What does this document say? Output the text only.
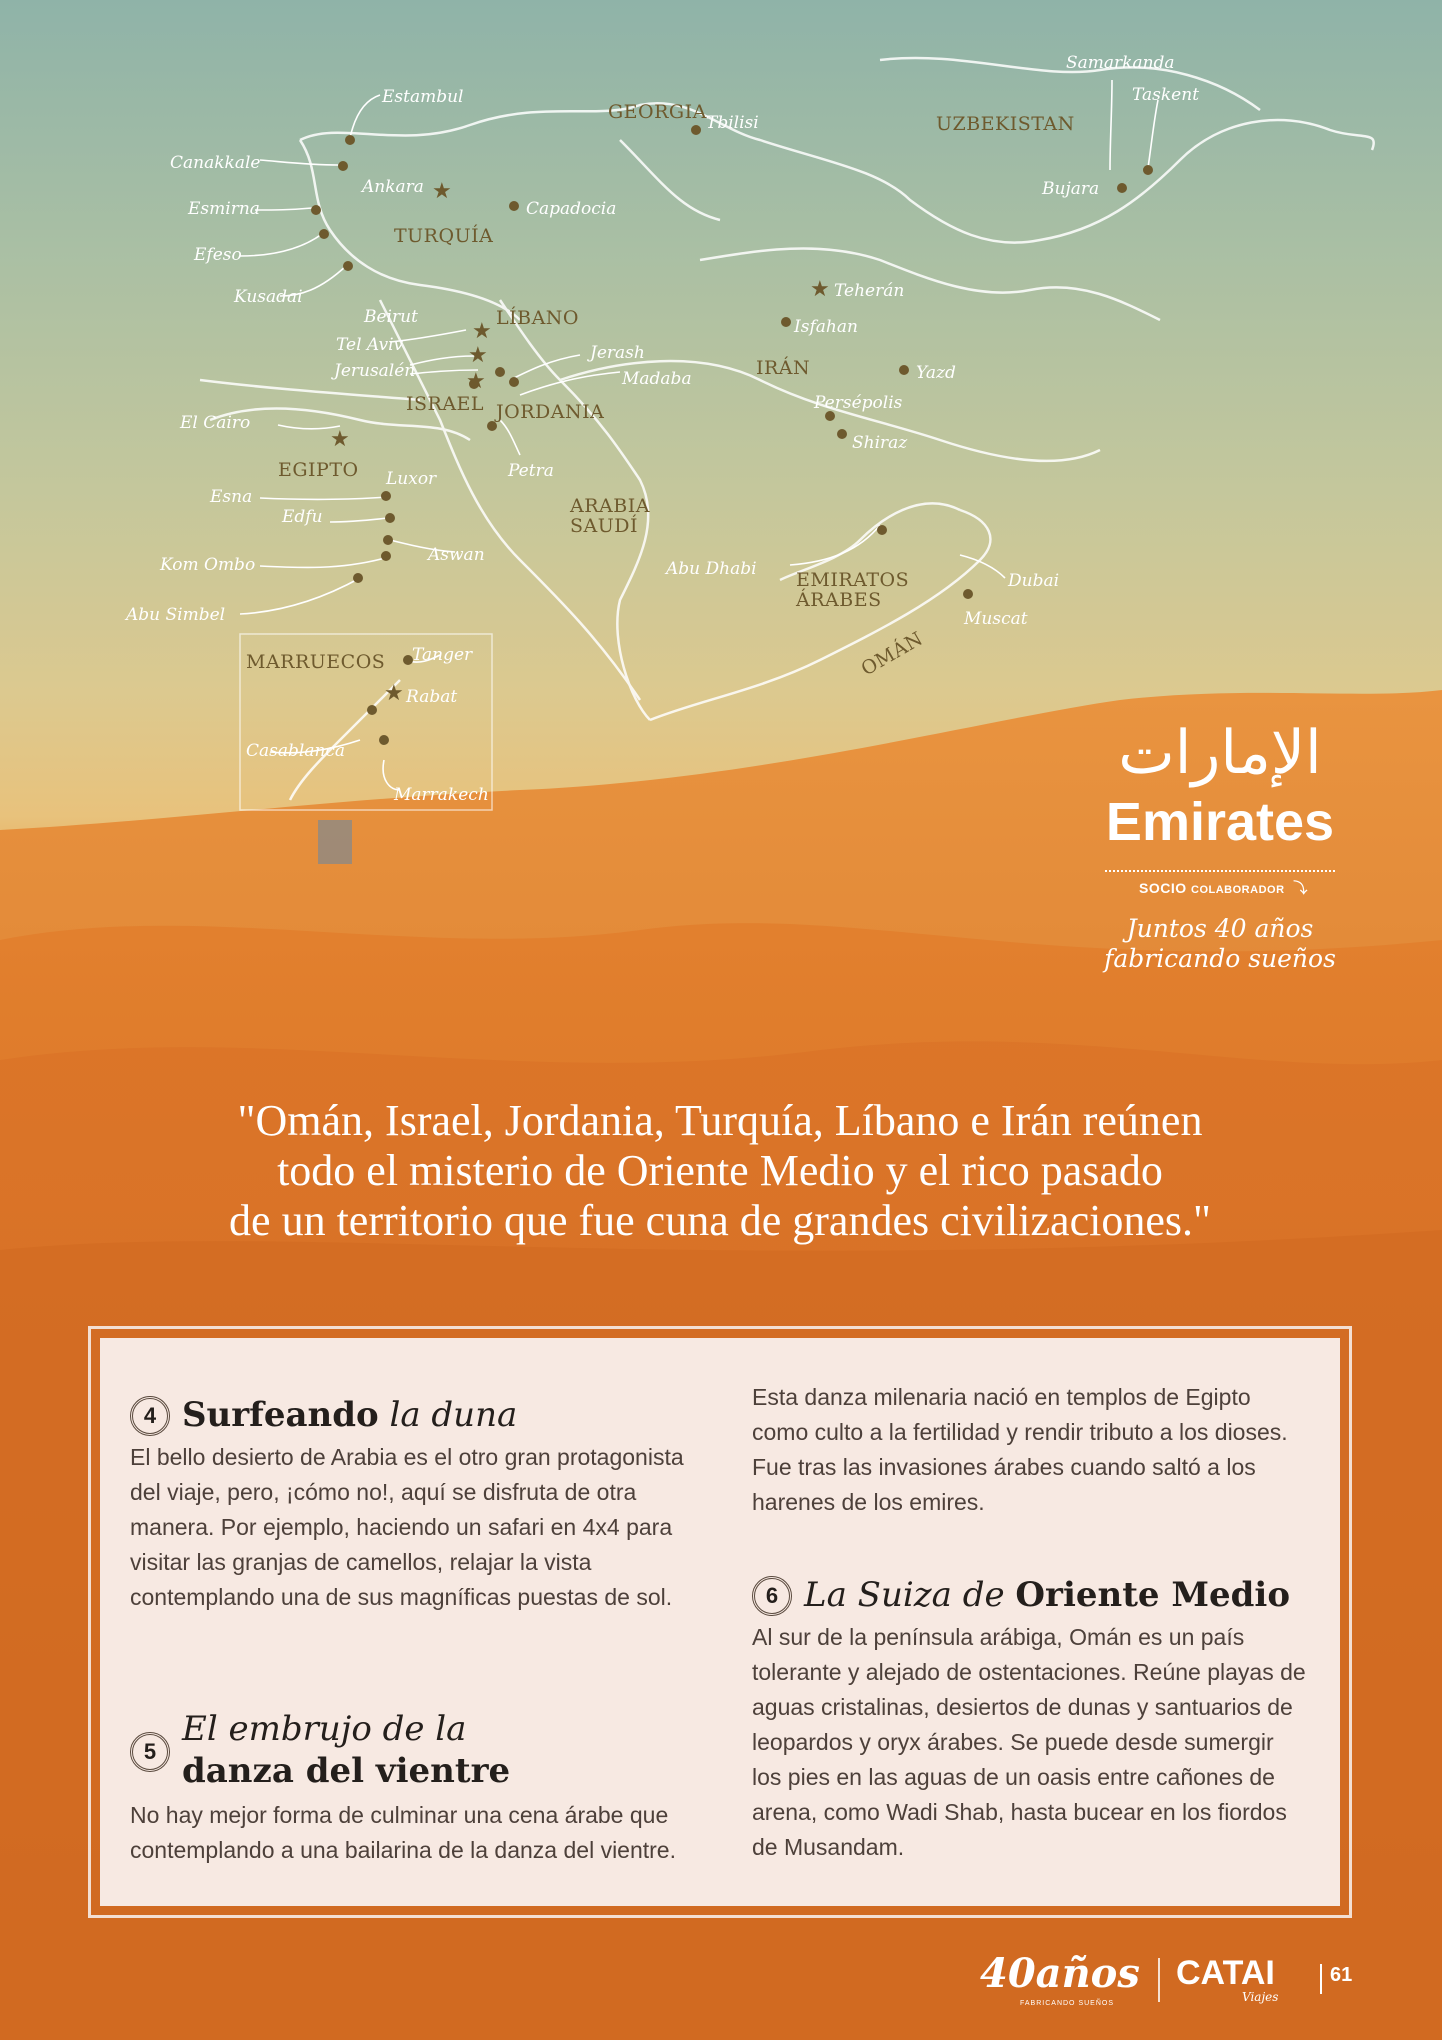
★
★
★
★
★
★
★
Estambul
Canakkale
Esmirna
Efeso
Kusadai
Ankara
Capadocia
Tbilisi
Samarkanda
Taskent
Bujara
Teherán
Isfahan
Yazd
Persépolis
Shiraz
Beirut
Tel Aviv
Jerusalén
Jerash
Madaba
Petra
El Cairo
Luxor
Esna
Edfu
Aswan
Kom Ombo
Abu Simbel
Abu Dhabi
Dubai
Muscat
Tanger
Rabat
Casablanca
Marrakech
GEORGIA
UZBEKISTAN
TURQUÍA
LÍBANO
ISRAEL JORDANIA
IRÁN
EGIPTO
ARABIA
SAUDÍ
EMIRATOS
ÁRABES
OMÁN
MARRUECOS
الإمارات
Emirates
SOCIO COLABORADOR  ⤵
Juntos 40 años
fabricando sueños
"Omán, Israel, Jordania, Turquía, Líbano e Irán reúnen
todo el misterio de Oriente Medio y el rico pasado
de un territorio que fue cuna de grandes civilizaciones."
4 Surfeando la duna
El bello desierto de Arabia es el otro gran protagonista del viaje, pero, ¡cómo no!, aquí se disfruta de otra manera. Por ejemplo, haciendo un safari en 4x4 para visitar las granjas de camellos, relajar la vista contemplando una de sus magníficas puestas de sol.
5
El embrujo de la
danza del vientre
No hay mejor forma de culminar una cena árabe que contemplando a una bailarina de la danza del vientre.
Esta danza milenaria nació en templos de Egipto como culto a la fertilidad y rendir tributo a los dioses. Fue tras las invasiones árabes cuando saltó a los harenes de los emires.
6 La Suiza de Oriente Medio
Al sur de la península arábiga, Omán es un país tolerante y alejado de ostentaciones. Reúne playas de aguas cristalinas, desiertos de dunas y santuarios de leopardos y oryx árabes. Se puede desde sumergir los pies en las aguas de un oasis entre cañones de arena, como Wadi Shab, hasta bucear en los fiordos de Musandam.
40años
FABRICANDO SUEÑOS
CATAI
Viajes
61
